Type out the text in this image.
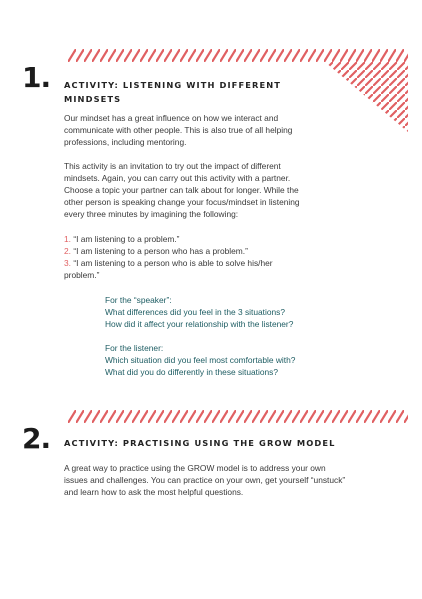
1. ACTIVITY: LISTENING WITH DIFFERENT
MINDSETS
Our mindset has a great influence on how we interact and
communicate with other people. This is also true of all helping
professions, including mentoring.
This activity is an invitation to try out the impact of different
mindsets. Again, you can carry out this activity with a partner.
Choose a topic your partner can talk about for longer. While the
other person is speaking change your focus/mindset in listening
every three minutes by imagining the following:
1. “I am listening to a problem.”
2. “I am listening to a person who has a problem.”
3. “I am listening to a person who is able to solve his/her
problem.”
For the “speaker”:
What differences did you feel in the 3 situations?
How did it affect your relationship with the listener?
For the listener:
Which situation did you feel most comfortable with?
What did you do differently in these situations?
2. ACTIVITY: PRACTISING USING THE GROW MODEL
A great way to practice using the GROW model is to address your own
issues and challenges. You can practice on your own, get yourself “unstuck”
and learn how to ask the most helpful questions.
